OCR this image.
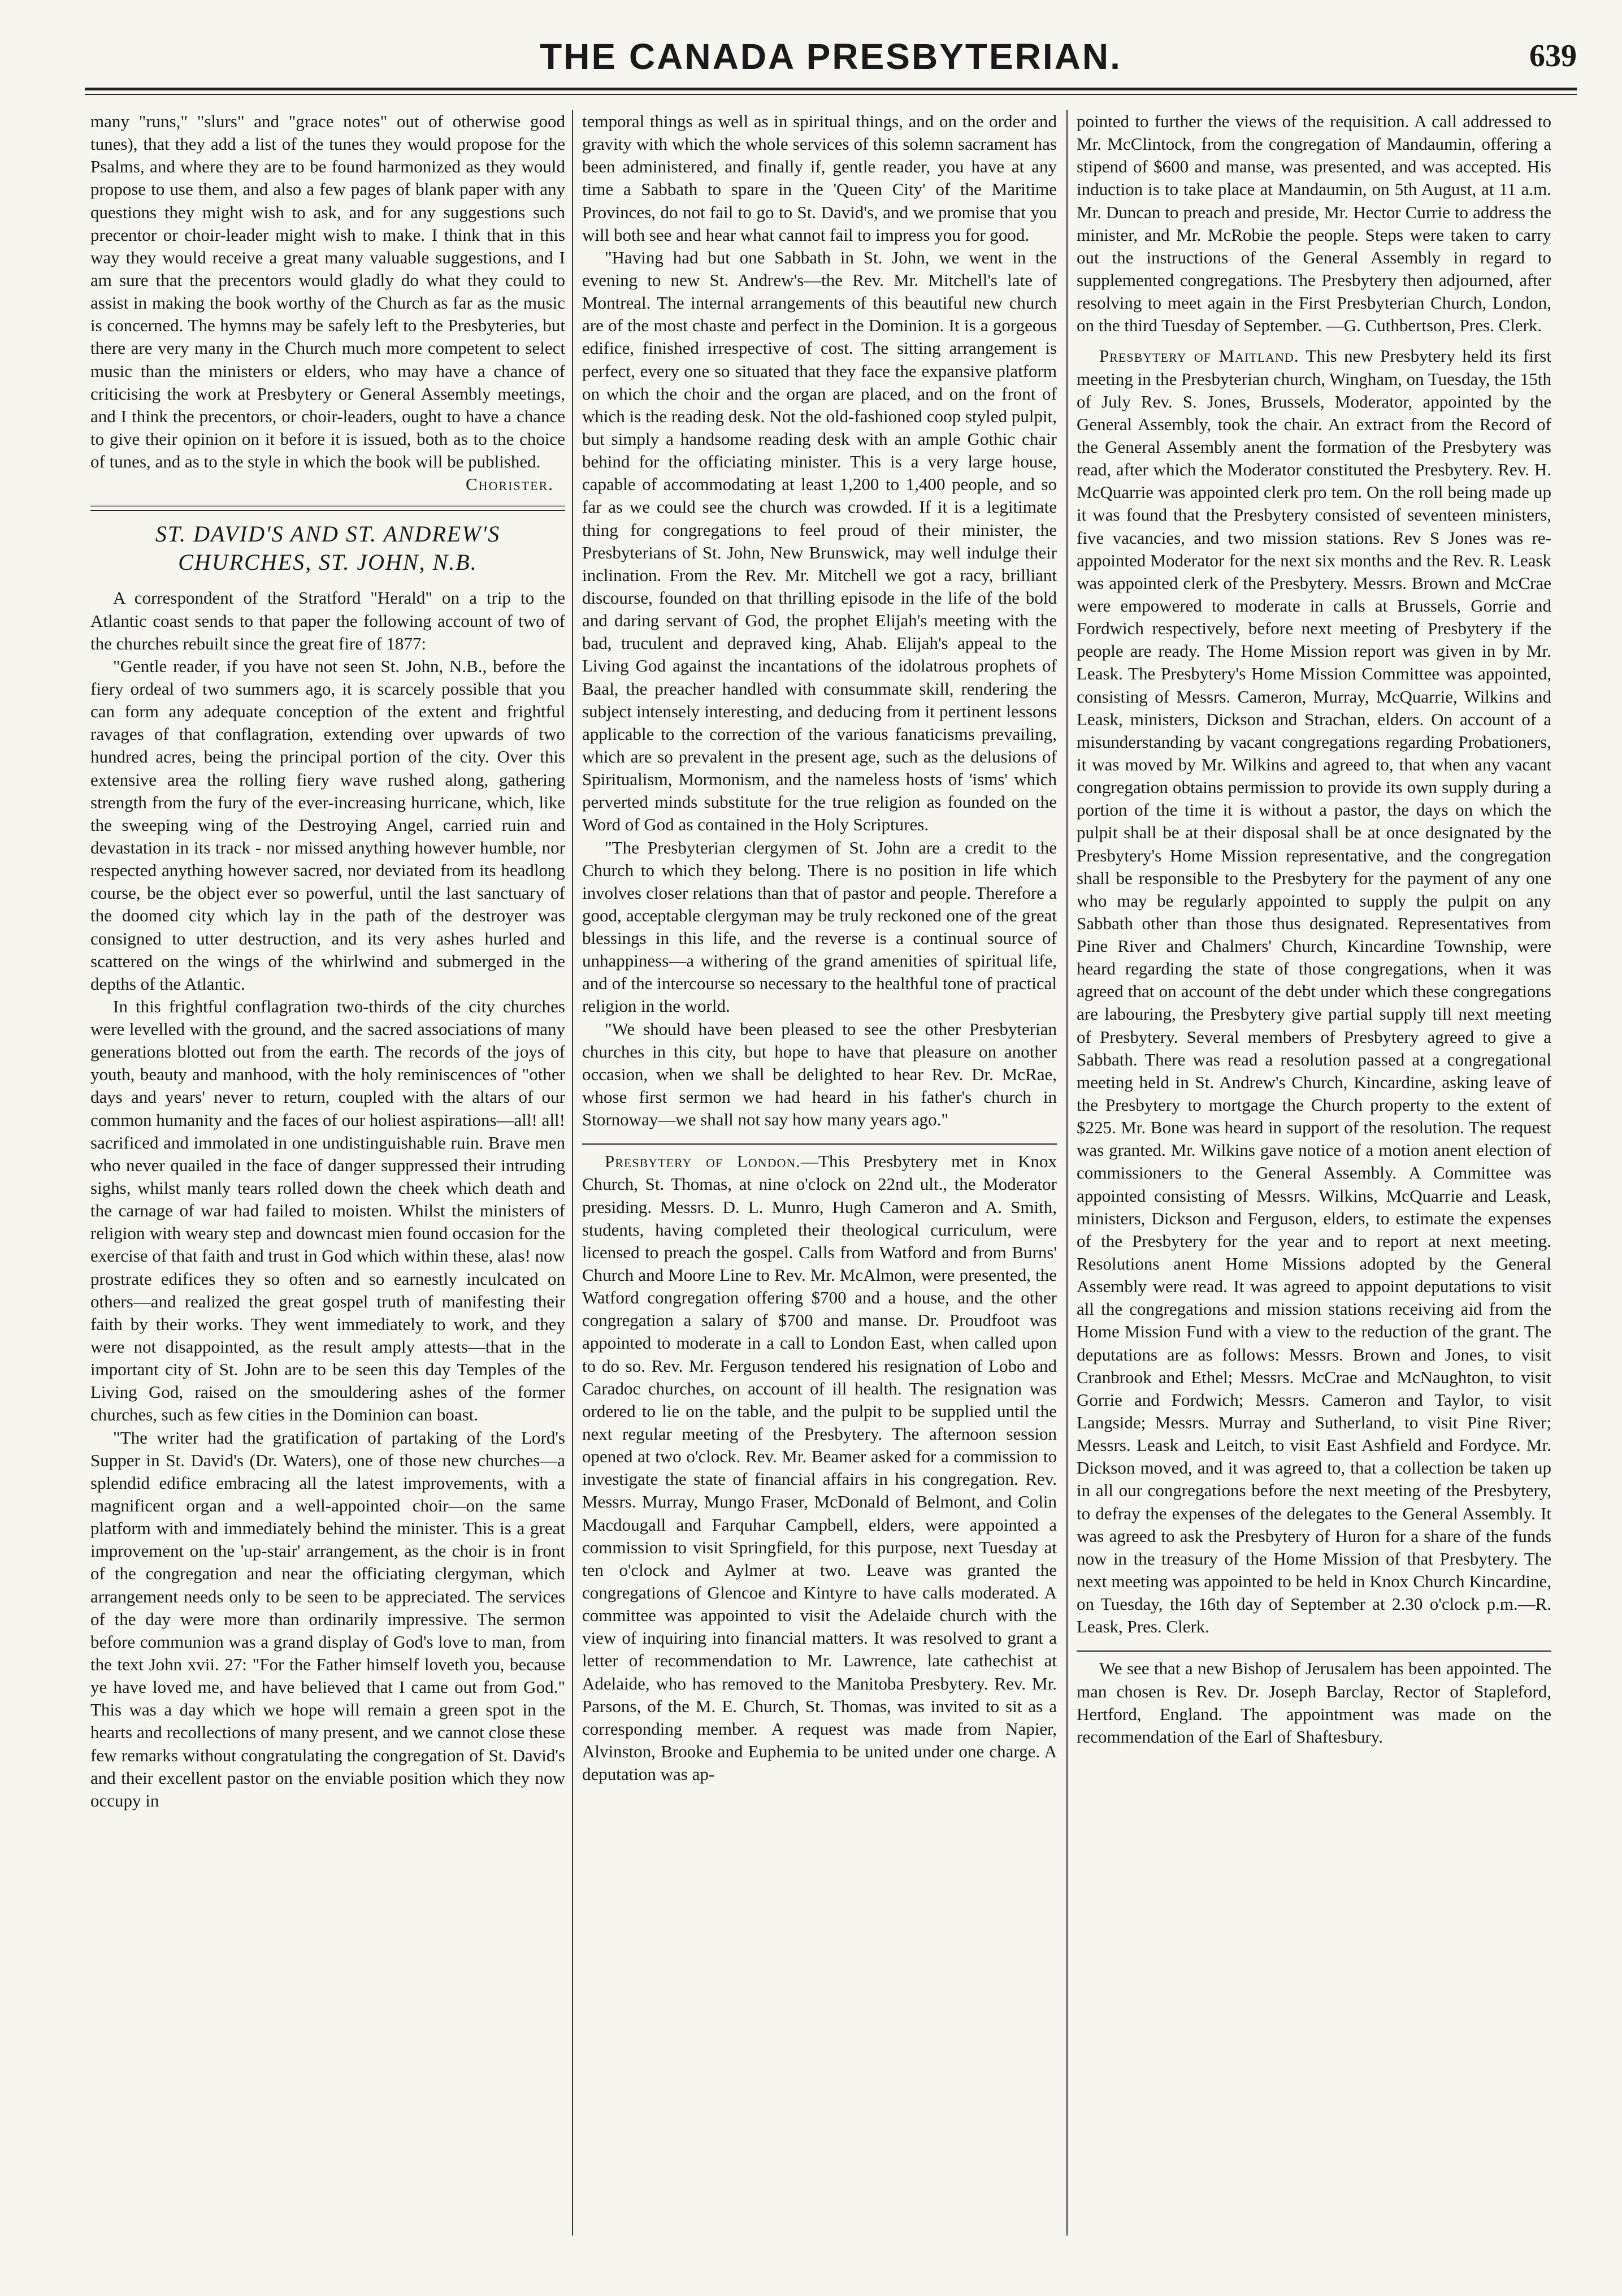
THE CANADA PRESBYTERIAN.	639

many "runs," "slurs" and "grace notes" out of otherwise good tunes), that they add a list of the tunes they would propose for the Psalms, and where they are to be found harmonized as they would propose to use them, and also a few pages of blank paper with any questions they might wish to ask, and for any suggestions such precentor or choir-leader might wish to make. I think that in this way they would receive a great many valuable suggestions, and I am sure that the precentors would gladly do what they could to assist in making the book worthy of the Church as far as the music is concerned. The hymns may be safely left to the Presbyteries, but there are very many in the Church much more competent to select music than the ministers or elders, who may have a chance of criticising the work at Presbytery or General Assembly meetings, and I think the precentors, or choir-leaders, ought to have a chance to give their opinion on it before it is issued, both as to the choice of tunes, and as to the style in which the book will be published.

Chorister.
ST. DAVID'S AND ST. ANDREW'S CHURCHES, ST. JOHN, N.B.

A correspondent of the Stratford "Herald" on a trip to the Atlantic coast sends to that paper the following account of two of the churches rebuilt since the great fire of 1877:

"Gentle reader, if you have not seen St. John, N.B., before the fiery ordeal of two summers ago, it is scarcely possible that you can form any adequate conception of the extent and frightful ravages of that conflagration, extending over upwards of two hundred acres, being the principal portion of the city. Over this extensive area the rolling fiery wave rushed along, gathering strength from the fury of the ever-increasing hurricane, which, like the sweeping wing of the Destroying Angel, carried ruin and devastation in its track - nor missed anything however humble, nor respected anything however sacred, nor deviated from its headlong course, be the object ever so powerful, until the last sanctuary of the doomed city which lay in the path of the destroyer was consigned to utter destruction, and its very ashes hurled and scattered on the wings of the whirlwind and submerged in the depths of the Atlantic.

In this frightful conflagration two-thirds of the city churches were levelled with the ground, and the sacred associations of many generations blotted out from the earth. The records of the joys of youth, beauty and manhood, with the holy reminiscences of "other days and years' never to return, coupled with the altars of our common humanity and the faces of our holiest aspirations—all! all! sacrificed and immolated in one undistinguishable ruin. Brave men who never quailed in the face of danger suppressed their intruding sighs, whilst manly tears rolled down the cheek which death and the carnage of war had failed to moisten. Whilst the ministers of religion with weary step and downcast mien found occasion for the exercise of that faith and trust in God which within these, alas! now prostrate edifices they so often and so earnestly inculcated on others—and realized the great gospel truth of manifesting their faith by their works. They went immediately to work, and they were not disappointed, as the result amply attests—that in the important city of St. John are to be seen this day Temples of the Living God, raised on the smouldering ashes of the former churches, such as few cities in the Dominion can boast.

"The writer had the gratification of partaking of the Lord's Supper in St. David's (Dr. Waters), one of those new churches—a splendid edifice embracing all the latest improvements, with a magnificent organ and a well-appointed choir—on the same platform with and immediately behind the minister. This is a great improvement on the 'up-stair' arrangement, as the choir is in front of the congregation and near the officiating clergyman, which arrangement needs only to be seen to be appreciated. The services of the day were more than ordinarily impressive. The sermon before communion was a grand display of God's love to man, from the text John xvii. 27: "For the Father himself loveth you, because ye have loved me, and have believed that I came out from God." This was a day which we hope will remain a green spot in the hearts and recollections of many present, and we cannot close these few remarks without congratulating the congregation of St. David's and their excellent pastor on the enviable position which they now occupy in

temporal things as well as in spiritual things, and on the order and gravity with which the whole services of this solemn sacrament has been administered, and finally if, gentle reader, you have at any time a Sabbath to spare in the 'Queen City' of the Maritime Provinces, do not fail to go to St. David's, and we promise that you will both see and hear what cannot fail to impress you for good.

"Having had but one Sabbath in St. John, we went in the evening to new St. Andrew's—the Rev. Mr. Mitchell's late of Montreal. The internal arrangements of this beautiful new church are of the most chaste and perfect in the Dominion. It is a gorgeous edifice, finished irrespective of cost. The sitting arrangement is perfect, every one so situated that they face the expansive platform on which the choir and the organ are placed, and on the front of which is the reading desk. Not the old-fashioned coop styled pulpit, but simply a handsome reading desk with an ample Gothic chair behind for the officiating minister. This is a very large house, capable of accommodating at least 1,200 to 1,400 people, and so far as we could see the church was crowded. If it is a legitimate thing for congregations to feel proud of their minister, the Presbyterians of St. John, New Brunswick, may well indulge their inclination. From the Rev. Mr. Mitchell we got a racy, brilliant discourse, founded on that thrilling episode in the life of the bold and daring servant of God, the prophet Elijah's meeting with the bad, truculent and depraved king, Ahab. Elijah's appeal to the Living God against the incantations of the idolatrous prophets of Baal, the preacher handled with consummate skill, rendering the subject intensely interesting, and deducing from it pertinent lessons applicable to the correction of the various fanaticisms prevailing, which are so prevalent in the present age, such as the delusions of Spiritualism, Mormonism, and the nameless hosts of 'isms' which perverted minds substitute for the true religion as founded on the Word of God as contained in the Holy Scriptures.

"The Presbyterian clergymen of St. John are a credit to the Church to which they belong. There is no position in life which involves closer relations than that of pastor and people. Therefore a good, acceptable clergyman may be truly reckoned one of the great blessings in this life, and the reverse is a continual source of unhappiness—a withering of the grand amenities of spiritual life, and of the intercourse so necessary to the healthful tone of practical religion in the world.

"We should have been pleased to see the other Presbyterian churches in this city, but hope to have that pleasure on another occasion, when we shall be delighted to hear Rev. Dr. McRae, whose first sermon we had heard in his father's church in Stornoway—we shall not say how many years ago."

Presbytery of London.—This Presbytery met in Knox Church, St. Thomas, at nine o'clock on 22nd ult., the Moderator presiding. Messrs. D. L. Munro, Hugh Cameron and A. Smith, students, having completed their theological curriculum, were licensed to preach the gospel. Calls from Watford and from Burns' Church and Moore Line to Rev. Mr. McAlmon, were presented, the Watford congregation offering $700 and a house, and the other congregation a salary of $700 and manse. Dr. Proudfoot was appointed to moderate in a call to London East, when called upon to do so. Rev. Mr. Ferguson tendered his resignation of Lobo and Caradoc churches, on account of ill health. The resignation was ordered to lie on the table, and the pulpit to be supplied until the next regular meeting of the Presbytery. The afternoon session opened at two o'clock. Rev. Mr. Beamer asked for a commission to investigate the state of financial affairs in his congregation. Rev. Messrs. Murray, Mungo Fraser, McDonald of Belmont, and Colin Macdougall and Farquhar Campbell, elders, were appointed a commission to visit Springfield, for this purpose, next Tuesday at ten o'clock and Aylmer at two. Leave was granted the congregations of Glencoe and Kintyre to have calls moderated. A committee was appointed to visit the Adelaide church with the view of inquiring into financial matters. It was resolved to grant a letter of recommendation to Mr. Lawrence, late cathechist at Adelaide, who has removed to the Manitoba Presbytery. Rev. Mr. Parsons, of the M. E. Church, St. Thomas, was invited to sit as a corresponding member. A request was made from Napier, Alvinston, Brooke and Euphemia to be united under one charge. A deputation was ap-

pointed to further the views of the requisition. A call addressed to Mr. McClintock, from the congregation of Mandaumin, offering a stipend of $600 and manse, was presented, and was accepted. His induction is to take place at Mandaumin, on 5th August, at 11 a.m. Mr. Duncan to preach and preside, Mr. Hector Currie to address the minister, and Mr. McRobie the people. Steps were taken to carry out the instructions of the General Assembly in regard to supplemented congregations. The Presbytery then adjourned, after resolving to meet again in the First Presbyterian Church, London, on the third Tuesday of September. —G. Cuthbertson, Pres. Clerk.

Presbytery of Maitland. This new Presbytery held its first meeting in the Presbyterian church, Wingham, on Tuesday, the 15th of July Rev. S. Jones, Brussels, Moderator, appointed by the General Assembly, took the chair. An extract from the Record of the General Assembly anent the formation of the Presbytery was read, after which the Moderator constituted the Presbytery. Rev. H. McQuarrie was appointed clerk pro tem. On the roll being made up it was found that the Presbytery consisted of seventeen ministers, five vacancies, and two mission stations. Rev S Jones was re-appointed Moderator for the next six months and the Rev. R. Leask was appointed clerk of the Presbytery. Messrs. Brown and McCrae were empowered to moderate in calls at Brussels, Gorrie and Fordwich respectively, before next meeting of Presbytery if the people are ready. The Home Mission report was given in by Mr. Leask. The Presbytery's Home Mission Committee was appointed, consisting of Messrs. Cameron, Murray, McQuarrie, Wilkins and Leask, ministers, Dickson and Strachan, elders. On account of a misunderstanding by vacant congregations regarding Probationers, it was moved by Mr. Wilkins and agreed to, that when any vacant congregation obtains permission to provide its own supply during a portion of the time it is without a pastor, the days on which the pulpit shall be at their disposal shall be at once designated by the Presbytery's Home Mission representative, and the congregation shall be responsible to the Presbytery for the payment of any one who may be regularly appointed to supply the pulpit on any Sabbath other than those thus designated. Representatives from Pine River and Chalmers' Church, Kincardine Township, were heard regarding the state of those congregations, when it was agreed that on account of the debt under which these congregations are labouring, the Presbytery give partial supply till next meeting of Presbytery. Several members of Presbytery agreed to give a Sabbath. There was read a resolution passed at a congregational meeting held in St. Andrew's Church, Kincardine, asking leave of the Presbytery to mortgage the Church property to the extent of $225. Mr. Bone was heard in support of the resolution. The request was granted. Mr. Wilkins gave notice of a motion anent election of commissioners to the General Assembly. A Committee was appointed consisting of Messrs. Wilkins, McQuarrie and Leask, ministers, Dickson and Ferguson, elders, to estimate the expenses of the Presbytery for the year and to report at next meeting. Resolutions anent Home Missions adopted by the General Assembly were read. It was agreed to appoint deputations to visit all the congregations and mission stations receiving aid from the Home Mission Fund with a view to the reduction of the grant. The deputations are as follows: Messrs. Brown and Jones, to visit Cranbrook and Ethel; Messrs. McCrae and McNaughton, to visit Gorrie and Fordwich; Messrs. Cameron and Taylor, to visit Langside; Messrs. Murray and Sutherland, to visit Pine River; Messrs. Leask and Leitch, to visit East Ashfield and Fordyce. Mr. Dickson moved, and it was agreed to, that a collection be taken up in all our congregations before the next meeting of the Presbytery, to defray the expenses of the delegates to the General Assembly. It was agreed to ask the Presbytery of Huron for a share of the funds now in the treasury of the Home Mission of that Presbytery. The next meeting was appointed to be held in Knox Church Kincardine, on Tuesday, the 16th day of September at 2.30 o'clock p.m.—R. Leask, Pres. Clerk.

We see that a new Bishop of Jerusalem has been appointed. The man chosen is Rev. Dr. Joseph Barclay, Rector of Stapleford, Hertford, England. The appointment was made on the recommendation of the Earl of Shaftesbury.
